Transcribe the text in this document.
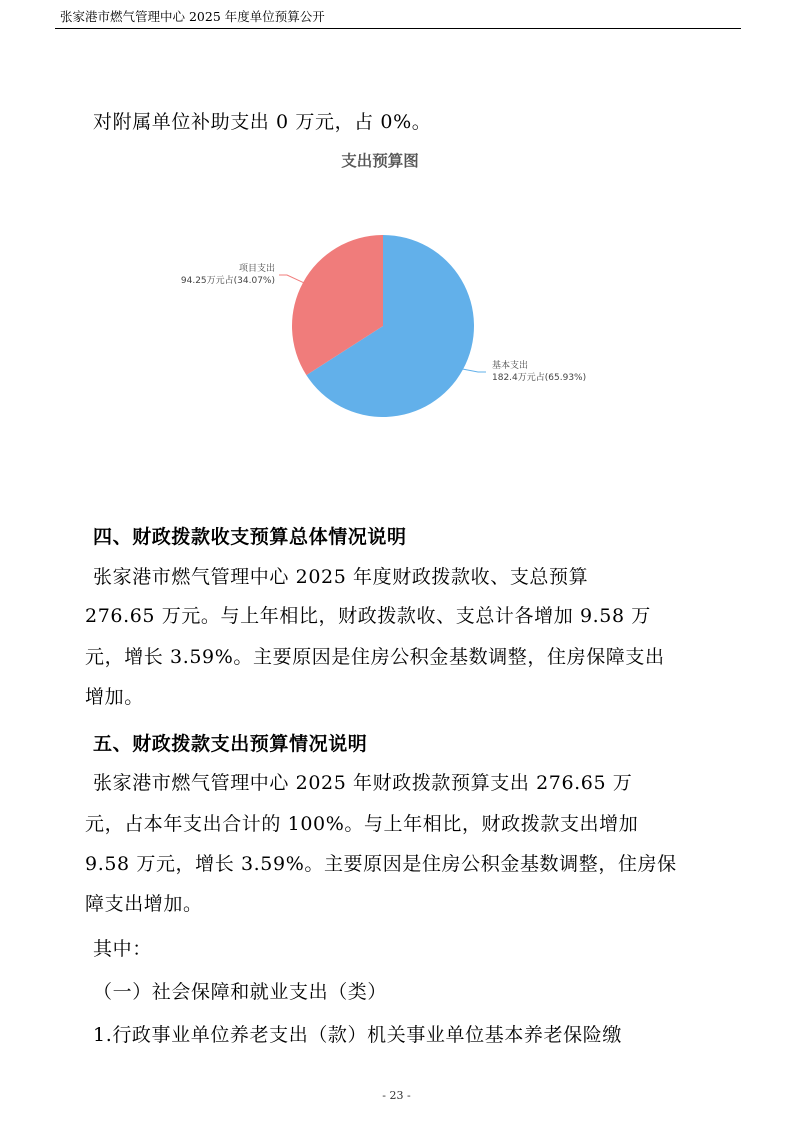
张家港市燃气管理中心 2025 年度单位预算公开
对附属单位补助支出 0 万元，占 0%。
支出预算图
基本支出
182.4万元占(65.93%)
项目支出
94.25万元占(34.07%)
四、财政拨款收支预算总体情况说明
张家港市燃气管理中心 2025 年度财政拨款收、支总预算
276.65 万元。与上年相比，财政拨款收、支总计各增加 9.58 万
元，增长 3.59%。主要原因是住房公积金基数调整，住房保障支出
增加。
五、财政拨款支出预算情况说明
张家港市燃气管理中心 2025 年财政拨款预算支出 276.65 万
元，占本年支出合计的 100%。与上年相比，财政拨款支出增加
9.58 万元，增长 3.59%。主要原因是住房公积金基数调整，住房保
障支出增加。
其中：
（一）社会保障和就业支出（类）
1.行政事业单位养老支出（款）机关事业单位基本养老保险缴
- 23 -
